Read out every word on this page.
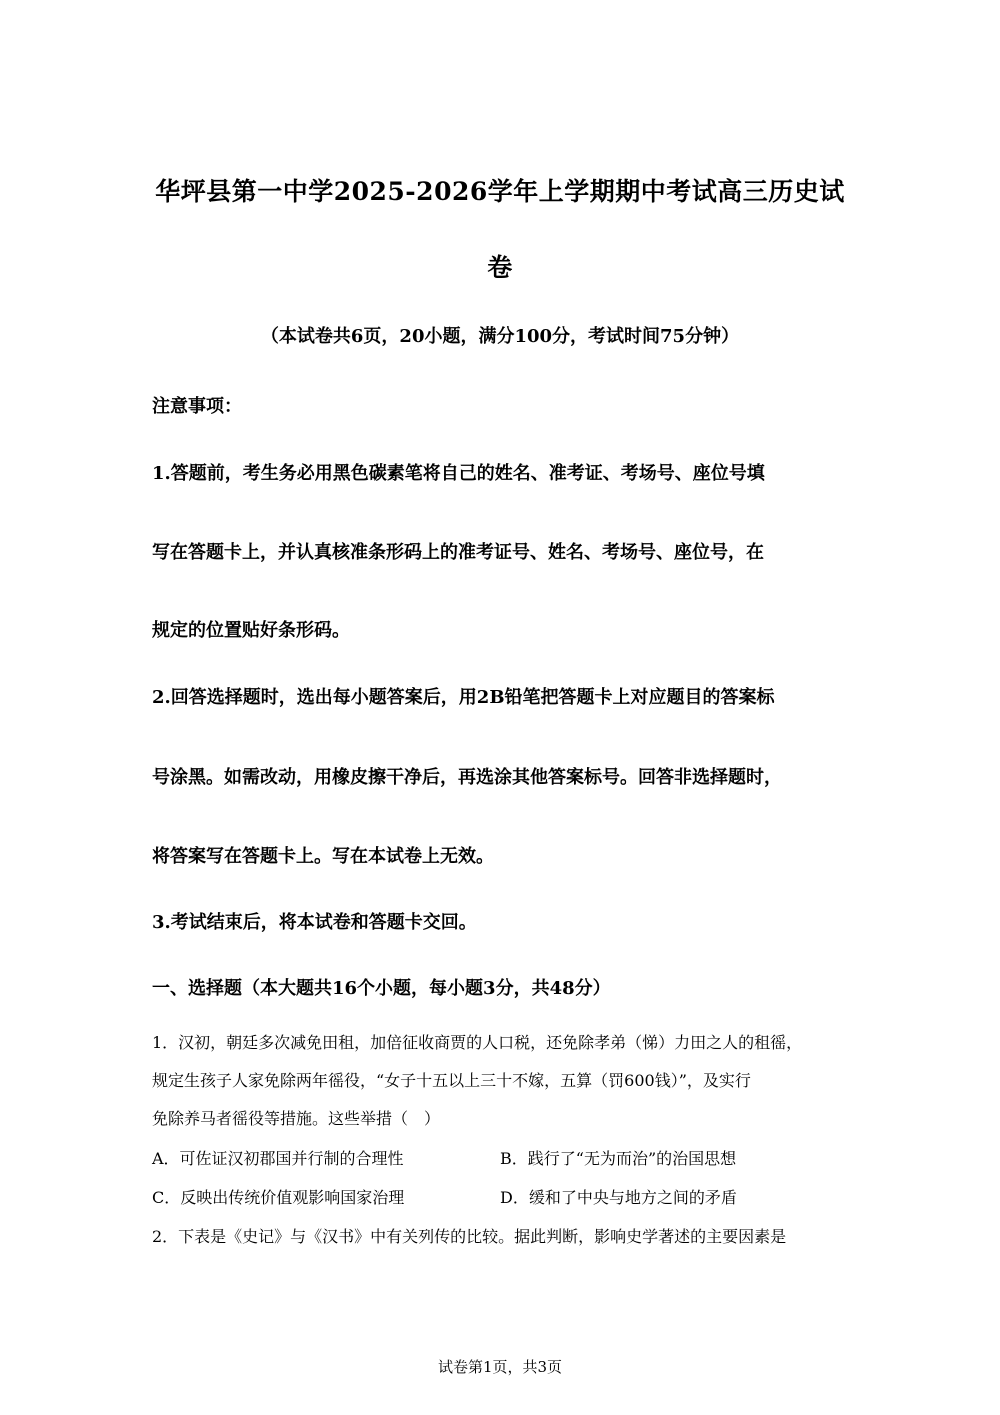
华坪县第一中学2025-2026学年上学期期中考试高三历史试
卷
（本试卷共6页，20小题，满分100分，考试时间75分钟）
注意事项：
1.答题前，考生务必用黑色碳素笔将自己的姓名、准考证、考场号、座位号填
写在答题卡上，并认真核准条形码上的准考证号、姓名、考场号、座位号，在
规定的位置贴好条形码。
2.回答选择题时，选出每小题答案后，用2B铅笔把答题卡上对应题目的答案标
号涂黑。如需改动，用橡皮擦干净后，再选涂其他答案标号。回答非选择题时，
将答案写在答题卡上。写在本试卷上无效。
3.考试结束后，将本试卷和答题卡交回。
一、选择题（本大题共16个小题，每小题3分，共48分）
1．汉初，朝廷多次减免田租，加倍征收商贾的人口税，还免除孝弟（悌）力田之人的租徭，
规定生孩子人家免除两年徭役，“女子十五以上三十不嫁，五算（罚600钱）”，及实行
免除养马者徭役等措施。这些举措（　）
A．可佐证汉初郡国并行制的合理性	B．践行了“无为而治”的治国思想
C．反映出传统价值观影响国家治理	D．缓和了中央与地方之间的矛盾
2．下表是《史记》与《汉书》中有关列传的比较。据此判断，影响史学著述的主要因素是
试卷第1页，共3页
